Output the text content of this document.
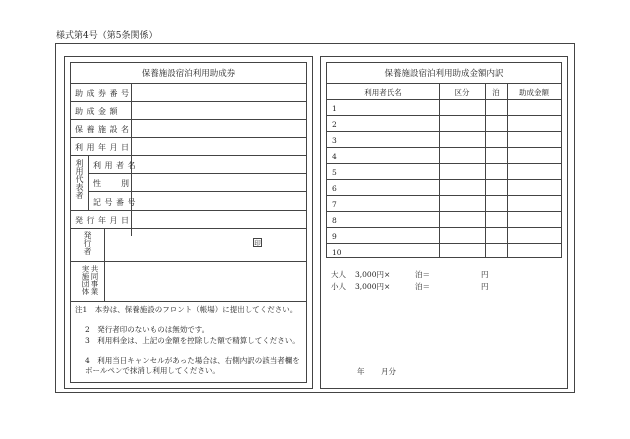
様式第4号（第5条関係）
保養施設宿泊利用助成券
助成券番号
助成金額
保養施設名
利用年月日
利用代表者 利用者名
性　別
記号番号
発行年月日
発行者	印
共同事業実施団体
注1　本券は、保養施設のフロント（帳場）に提出してください。
2　発行者印のないものは無効です。
3　利用料金は、上記の金額を控除した額で精算してください。
4　利用当日キャンセルがあった場合は、右側内訳の該当者欄をボールペンで抹消し利用してください。
保養施設宿泊利用助成金額内訳
利用者氏名	区分	泊	助成金額
1
2
3
4
5
6
7
8
9
10
大人 3,000円×	泊＝	円
小人 3,000円×	泊＝	円
年 月分
